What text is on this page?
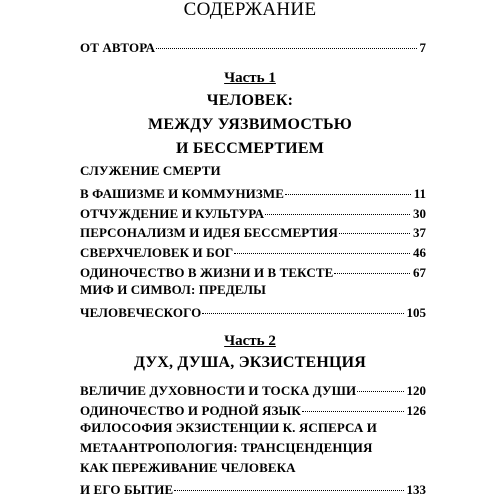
СОДЕРЖАНИЕ
ОТ АВТОРА	7
Часть 1
ЧЕЛОВЕК:
МЕЖДУ УЯЗВИМОСТЬЮ
И БЕССМЕРТИЕМ
СЛУЖЕНИЕ СМЕРТИ
В ФАШИЗМЕ И КОММУНИЗМЕ	11
ОТЧУЖДЕНИЕ И КУЛЬТУРА	30
ПЕРСОНАЛИЗМ И ИДЕЯ БЕССМЕРТИЯ	37
СВЕРХЧЕЛОВЕК И БОГ	46
ОДИНОЧЕСТВО В ЖИЗНИ И В ТЕКСТЕ	67
МИФ И СИМВОЛ: ПРЕДЕЛЫ
ЧЕЛОВЕЧЕСКОГО	105
Часть 2
ДУХ, ДУША, ЭКЗИСТЕНЦИЯ
ВЕЛИЧИЕ ДУХОВНОСТИ И ТОСКА ДУШИ	120
ОДИНОЧЕСТВО И РОДНОЙ ЯЗЫК	126
ФИЛОСОФИЯ ЭКЗИСТЕНЦИИ К. ЯСПЕРСА И
МЕТААНТРОПОЛОГИЯ: ТРАНСЦЕНДЕНЦИЯ
КАК ПЕРЕЖИВАНИЕ ЧЕЛОВЕКА
И ЕГО БЫТИЕ	133
